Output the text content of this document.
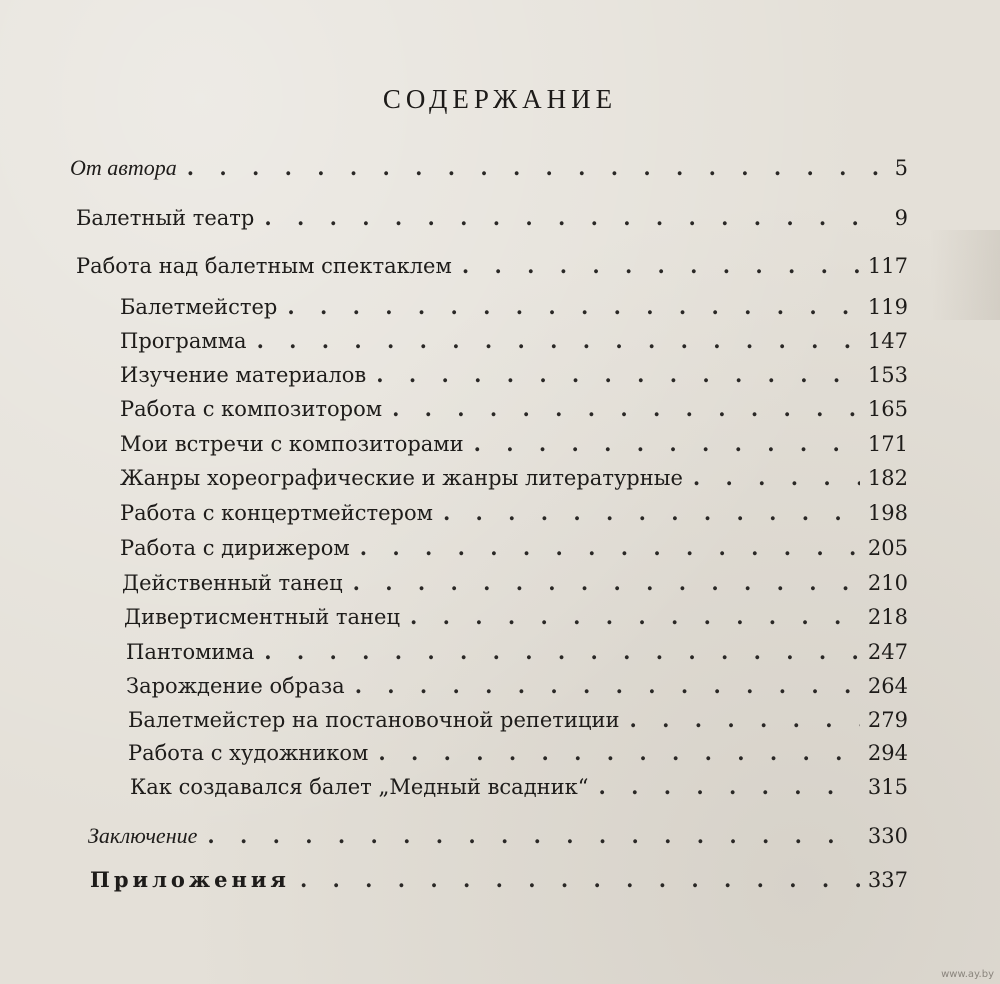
СОДЕРЖАНИЕ
От автора . . .	5
Балетный театр . . .	9
Работа над балетным спектаклем . . .	117
Балетмейстер . . .	119
Программа . . .	147
Изучение материалов . . .	153
Работа с композитором . . .	165
Мои встречи с композиторами . . .	171
Жанры хореографические и жанры литературные . . .	182
Работа с концертмейстером . . .	198
Работа с дирижером . . .	205
Действенный танец . . .	210
Дивертисментный танец . . .	218
Пантомима . . .	247
Зарождение образа . . .	264
Балетмейстер на постановочной репетиции . . .	279
Работа с художником . . .	294
Как создавался балет „Медный всадник“ . . .	315
Заключение . . .	330
Приложения . . .	337
www.ay.by
